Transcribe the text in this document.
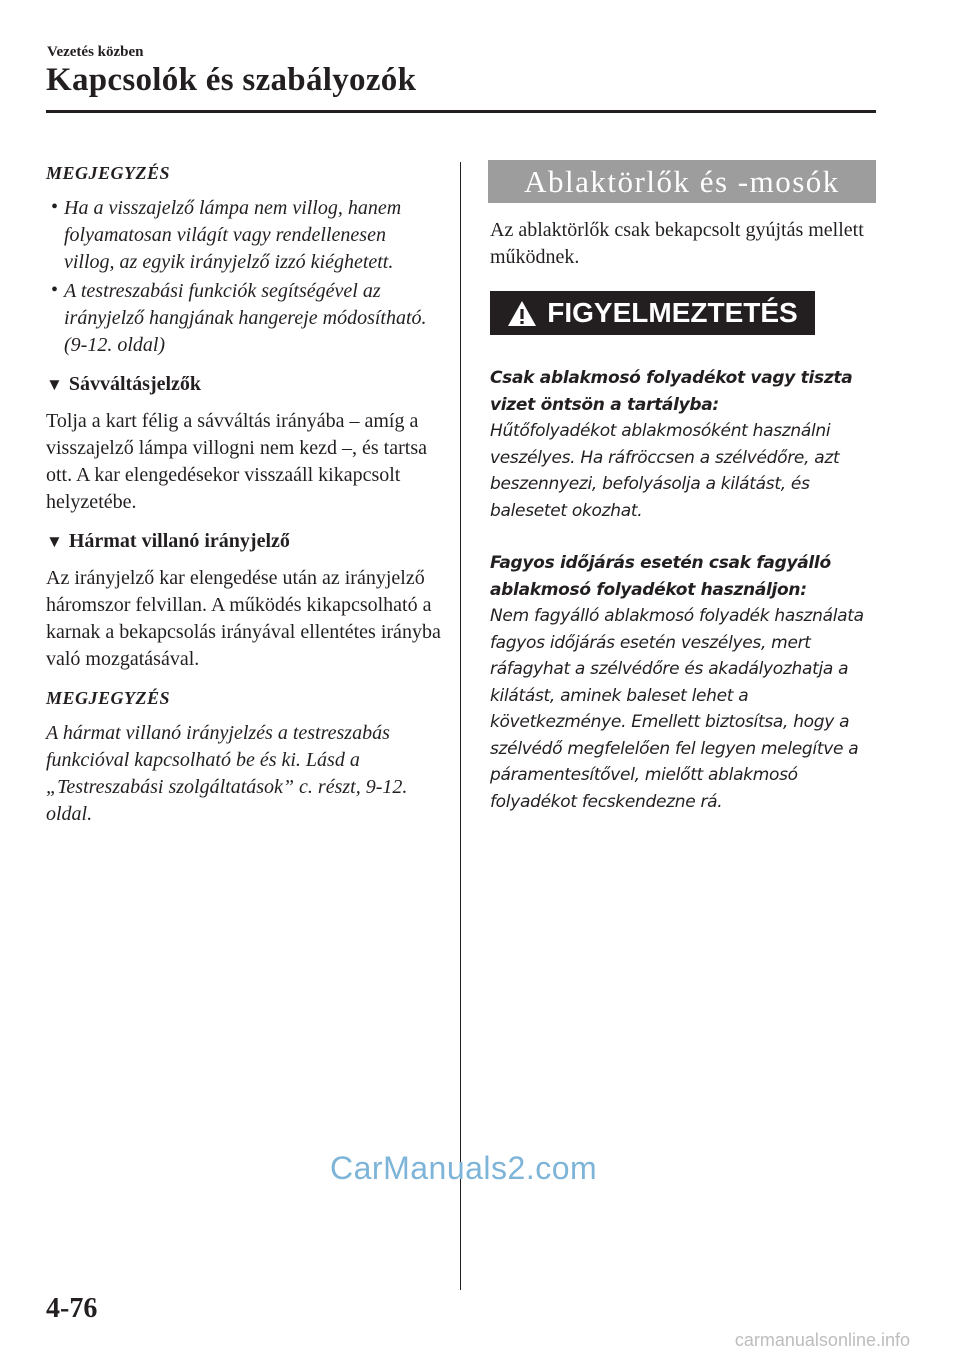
Vezetés közben
Kapcsolók és szabályozók
MEGJEGYZÉS
• Ha a visszajelző lámpa nem villog, hanem folyamatosan világít vagy rendellenesen villog, az egyik irányjelző izzó kiéghetett.
• A testreszabási funkciók segítségével az irányjelző hangjának hangereje módosítható. (9-12. oldal)
▼ Sávváltásjelzők

Tolja a kart félig a sávváltás irányába – amíg a visszajelző lámpa villogni nem kezd –, és tartsa ott. A kar elengedésekor visszaáll kikapcsolt helyzetébe.

▼ Hármat villanó irányjelző

Az irányjelző kar elengedése után az irányjelző háromszor felvillan. A működés kikapcsolható a karnak a bekapcsolás irányával ellentétes irányba való mozgatásával.

MEGJEGYZÉS

A hármat villanó irányjelzés a testreszabás funkcióval kapcsolható be és ki. Lásd a „Testreszabási szolgáltatások” c. részt, 9-12. oldal.

Ablaktörlők és -mosók

Az ablaktörlők csak bekapcsolt gyújtás mellett működnek.

FIGYELMEZTETÉS

Csak ablakmosó folyadékot vagy tiszta vizet öntsön a tartályba:

Hűtőfolyadékot ablakmosóként használni veszélyes. Ha ráfröccsen a szélvédőre, azt beszennyezi, befolyásolja a kilátást, és balesetet okozhat.

Fagyos időjárás esetén csak fagyálló ablakmosó folyadékot használjon:

Nem fagyálló ablakmosó folyadék használata fagyos időjárás esetén veszélyes, mert ráfagyhat a szélvédőre és akadályozhatja a kilátást, aminek baleset lehet a következménye. Emellett biztosítsa, hogy a szélvédő megfelelően fel legyen melegítve a páramentesítővel, mielőtt ablakmosó folyadékot fecskendezne rá.

CarManuals2.com
4-76
carmanualsonline.info
